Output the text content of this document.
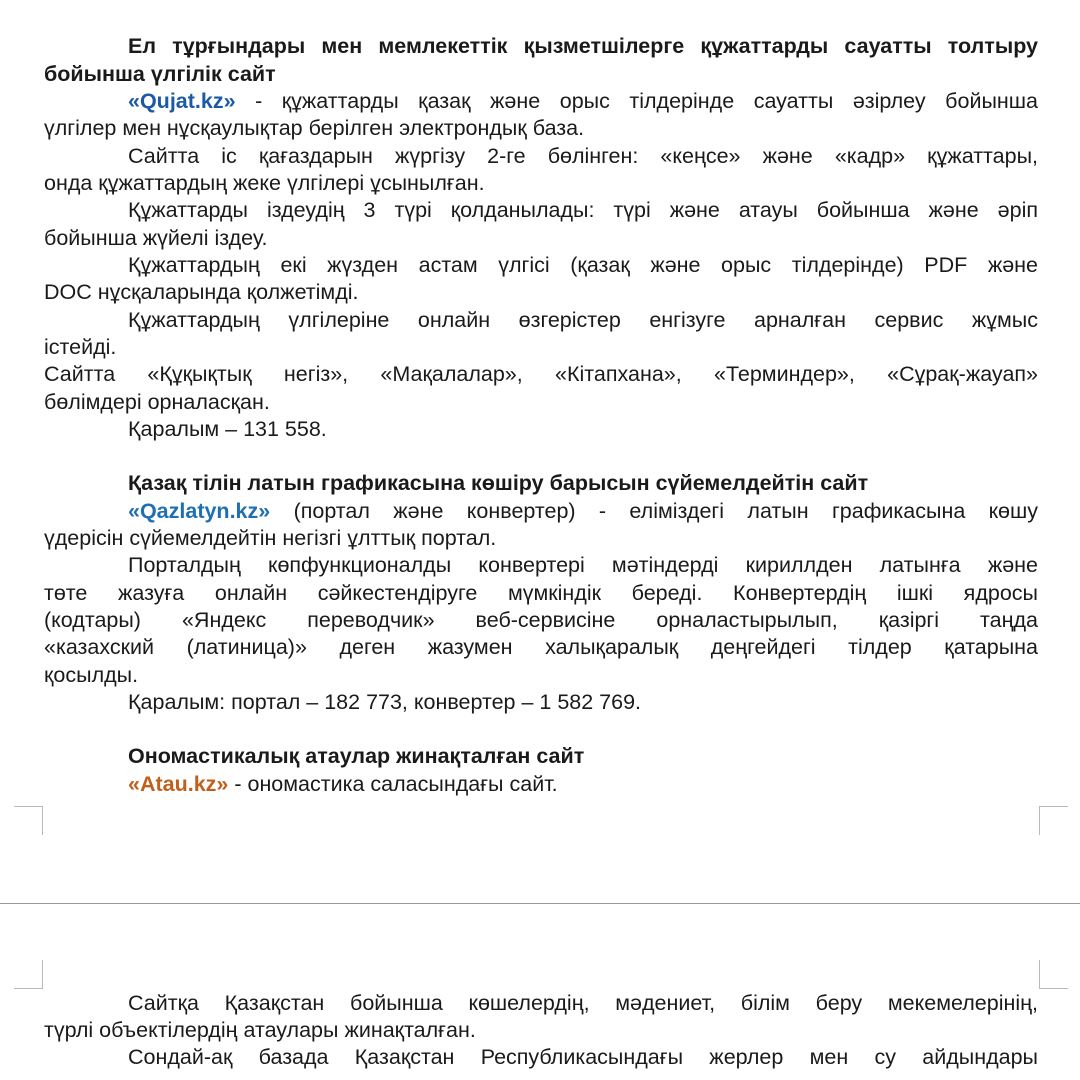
Ел тұрғындары мен мемлекеттік қызметшілерге құжаттарды сауатты толтыру
бойынша үлгілік сайт
«Qujat.kz» - құжаттарды қазақ және орыс тілдерінде сауатты әзірлеу бойынша
үлгілер мен нұсқаулықтар берілген электрондық база.
Сайтта іс қағаздарын жүргізу 2-ге бөлінген: «кеңсе» және «кадр» құжаттары,
онда құжаттардың жеке үлгілері ұсынылған.
Құжаттарды іздеудің 3 түрі қолданылады: түрі және атауы бойынша және әріп
бойынша жүйелі іздеу.
Құжаттардың екі жүзден астам үлгісі (қазақ және орыс тілдерінде) PDF және
DOC нұсқаларында қолжетімді.
Құжаттардың үлгілеріне онлайн өзгерістер енгізуге арналған сервис жұмыс
істейді.
Сайтта «Құқықтық негіз», «Мақалалар», «Кітапхана», «Терминдер», «Сұрақ-жауап»
бөлімдері орналасқан.
Қаралым – 131 558.
Қазақ тілін латын графикасына көшіру барысын сүйемелдейтін сайт
«Qazlatyn.kz» (портал және конвертер) - еліміздегі латын графикасына көшу
үдерісін сүйемелдейтін негізгі ұлттық портал.
Порталдың көпфункционалды конвертері мәтіндерді кириллден латынға және
төте жазуға онлайн сәйкестендіруге мүмкіндік береді. Конвертердің ішкі ядросы
(кодтары) «Яндекс переводчик» веб-сервисіне орналастырылып, қазіргі таңда
«казахский (латиница)» деген жазумен халықаралық деңгейдегі тілдер қатарына
қосылды.
Қаралым: портал – 182 773, конвертер – 1 582 769.
Ономастикалық атаулар жинақталған сайт
«Atau.kz» - ономастика саласындағы сайт.
Сайтқа Қазақстан бойынша көшелердің, мәдениет, білім беру мекемелерінің,
түрлі объектілердің атаулары жинақталған.
Сондай-ақ базада Қазақстан Республикасындағы жерлер мен су айдындары
